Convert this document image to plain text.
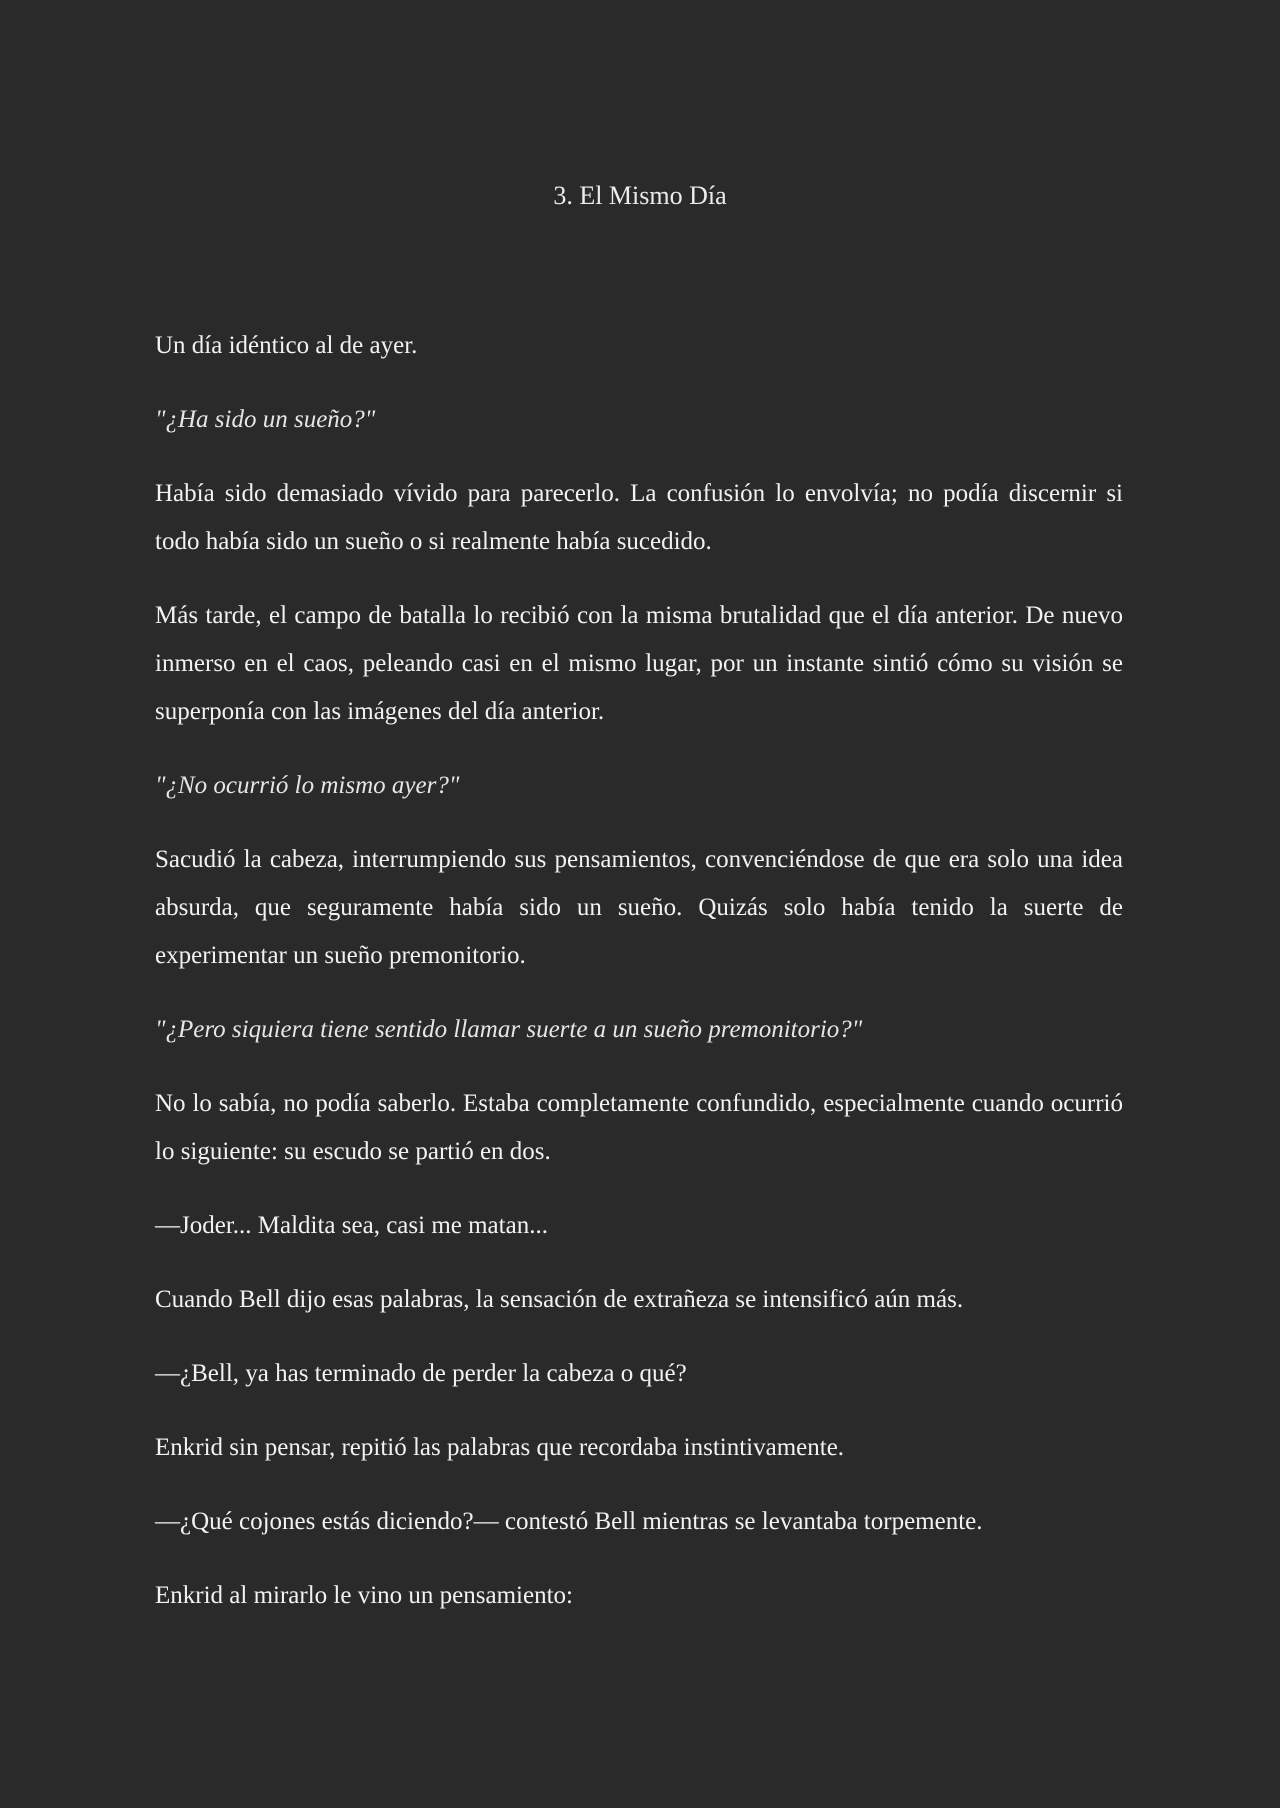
3. El Mismo Día

Un día idéntico al de ayer.

"¿Ha sido un sueño?"

Había sido demasiado vívido para parecerlo. La confusión lo envolvía; no podía discernir si todo había sido un sueño o si realmente había sucedido.

Más tarde, el campo de batalla lo recibió con la misma brutalidad que el día anterior. De nuevo inmerso en el caos, peleando casi en el mismo lugar, por un instante sintió cómo su visión se superponía con las imágenes del día anterior.

"¿No ocurrió lo mismo ayer?"

Sacudió la cabeza, interrumpiendo sus pensamientos, convenciéndose de que era solo una idea absurda, que seguramente había sido un sueño. Quizás solo había tenido la suerte de experimentar un sueño premonitorio.

"¿Pero siquiera tiene sentido llamar suerte a un sueño premonitorio?"

No lo sabía, no podía saberlo. Estaba completamente confundido, especialmente cuando ocurrió lo siguiente: su escudo se partió en dos.

—Joder... Maldita sea, casi me matan...

Cuando Bell dijo esas palabras, la sensación de extrañeza se intensificó aún más.

—¿Bell, ya has terminado de perder la cabeza o qué?

Enkrid sin pensar, repitió las palabras que recordaba instintivamente.

—¿Qué cojones estás diciendo?— contestó Bell mientras se levantaba torpemente.

Enkrid al mirarlo le vino un pensamiento:
